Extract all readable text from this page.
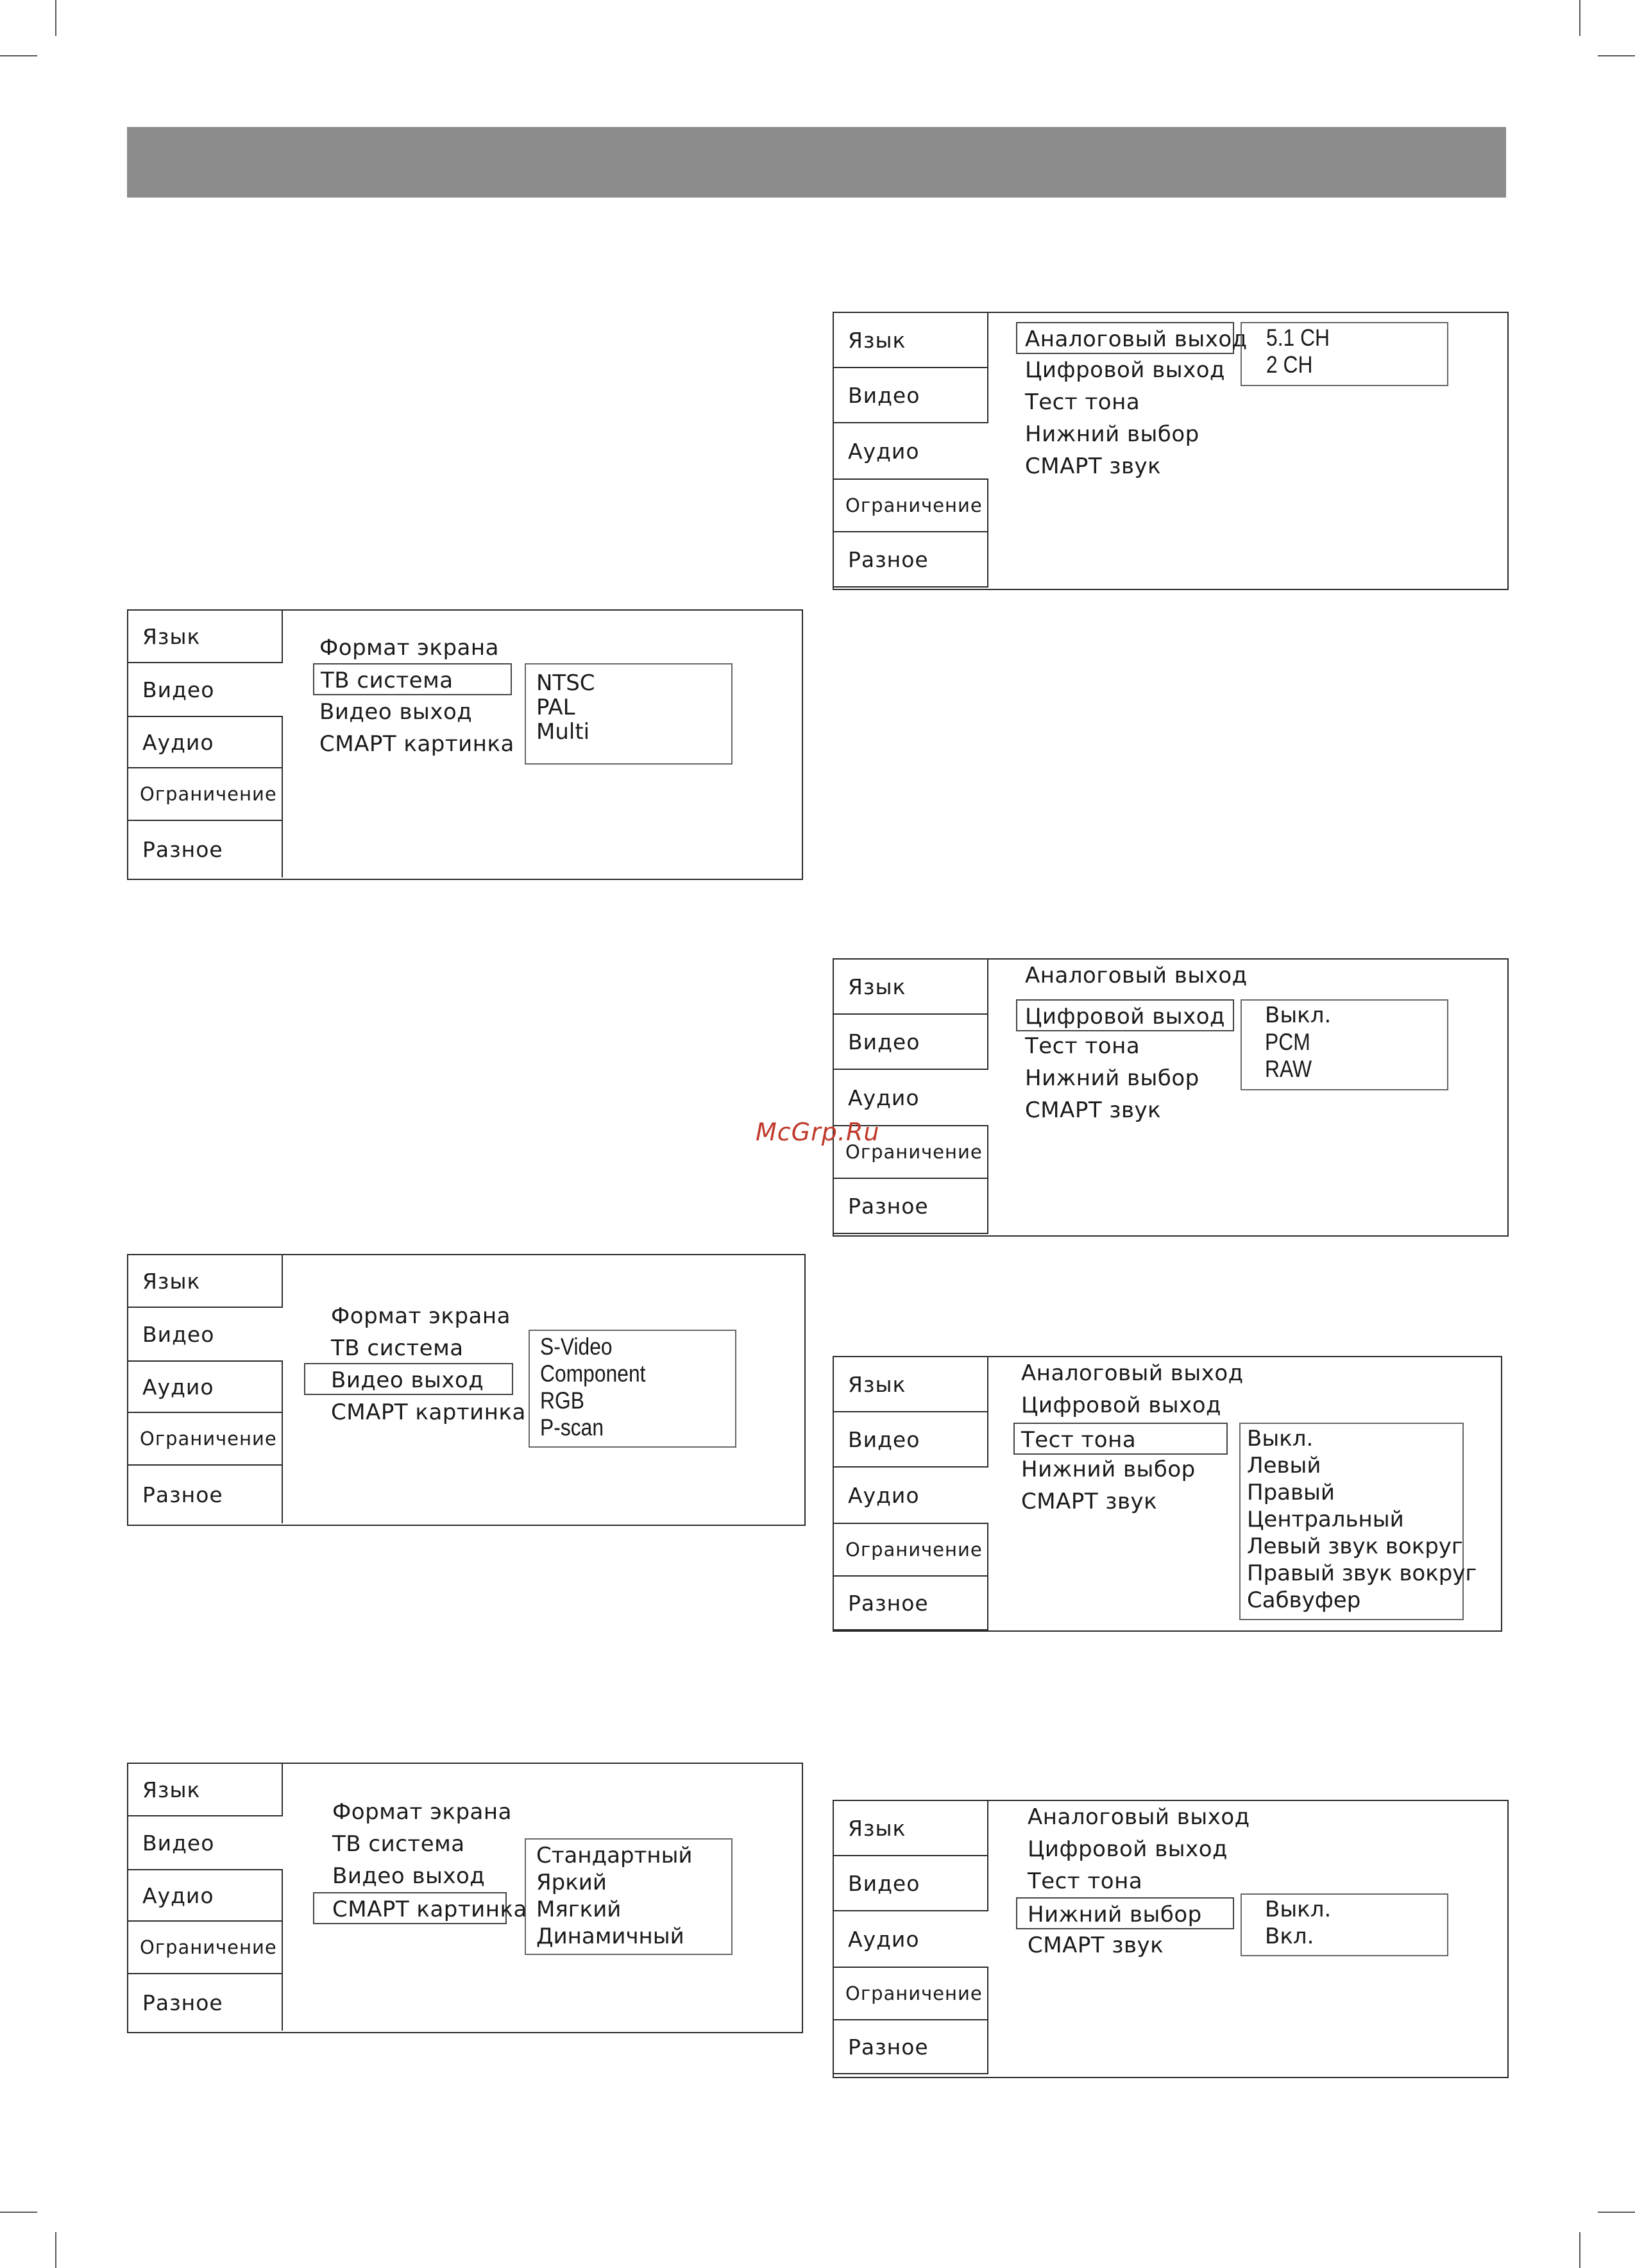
Язык
Видео
Аудио
Ограничение
Разное
Формат экрана
ТВ система
Видео выход
СМАРТ картинка
NTSC
PAL
Multi
Язык
Видео
Аудио
Ограничение
Разное
Формат экрана
ТВ система
Видео выход
СМАРТ картинка
S-Video
Component
RGB
P-scan
Язык
Видео
Аудио
Ограничение
Разное
Формат экрана
ТВ система
Видео выход
СМАРТ картинка
Стандартный
Яркий
Мягкий
Динамичный
Язык
Видео
Аудио
Ограничение
Разное
Аналоговый выход
Цифровой выход
Тест тона
Нижний выбор
СМАРТ звук
5.1 CH
2 CH
Язык
Видео
Аудио
Ограничение
Разное
Аналоговый выход
Цифровой выход
Тест тона
Нижний выбор
СМАРТ звук
Выкл.
PCM
RAW
Язык
Видео
Аудио
Ограничение
Разное
Аналоговый выход
Цифровой выход
Тест тона
Нижний выбор
СМАРТ звук
Выкл.
Левый
Правый
Центральный
Левый звук вокруг
Правый звук вокруг
Сабвуфер
Язык
Видео
Аудио
Ограничение
Разное
Аналоговый выход
Цифровой выход
Тест тона
Нижний выбор
СМАРТ звук
Выкл.
Вкл.
McGrp.Ru
